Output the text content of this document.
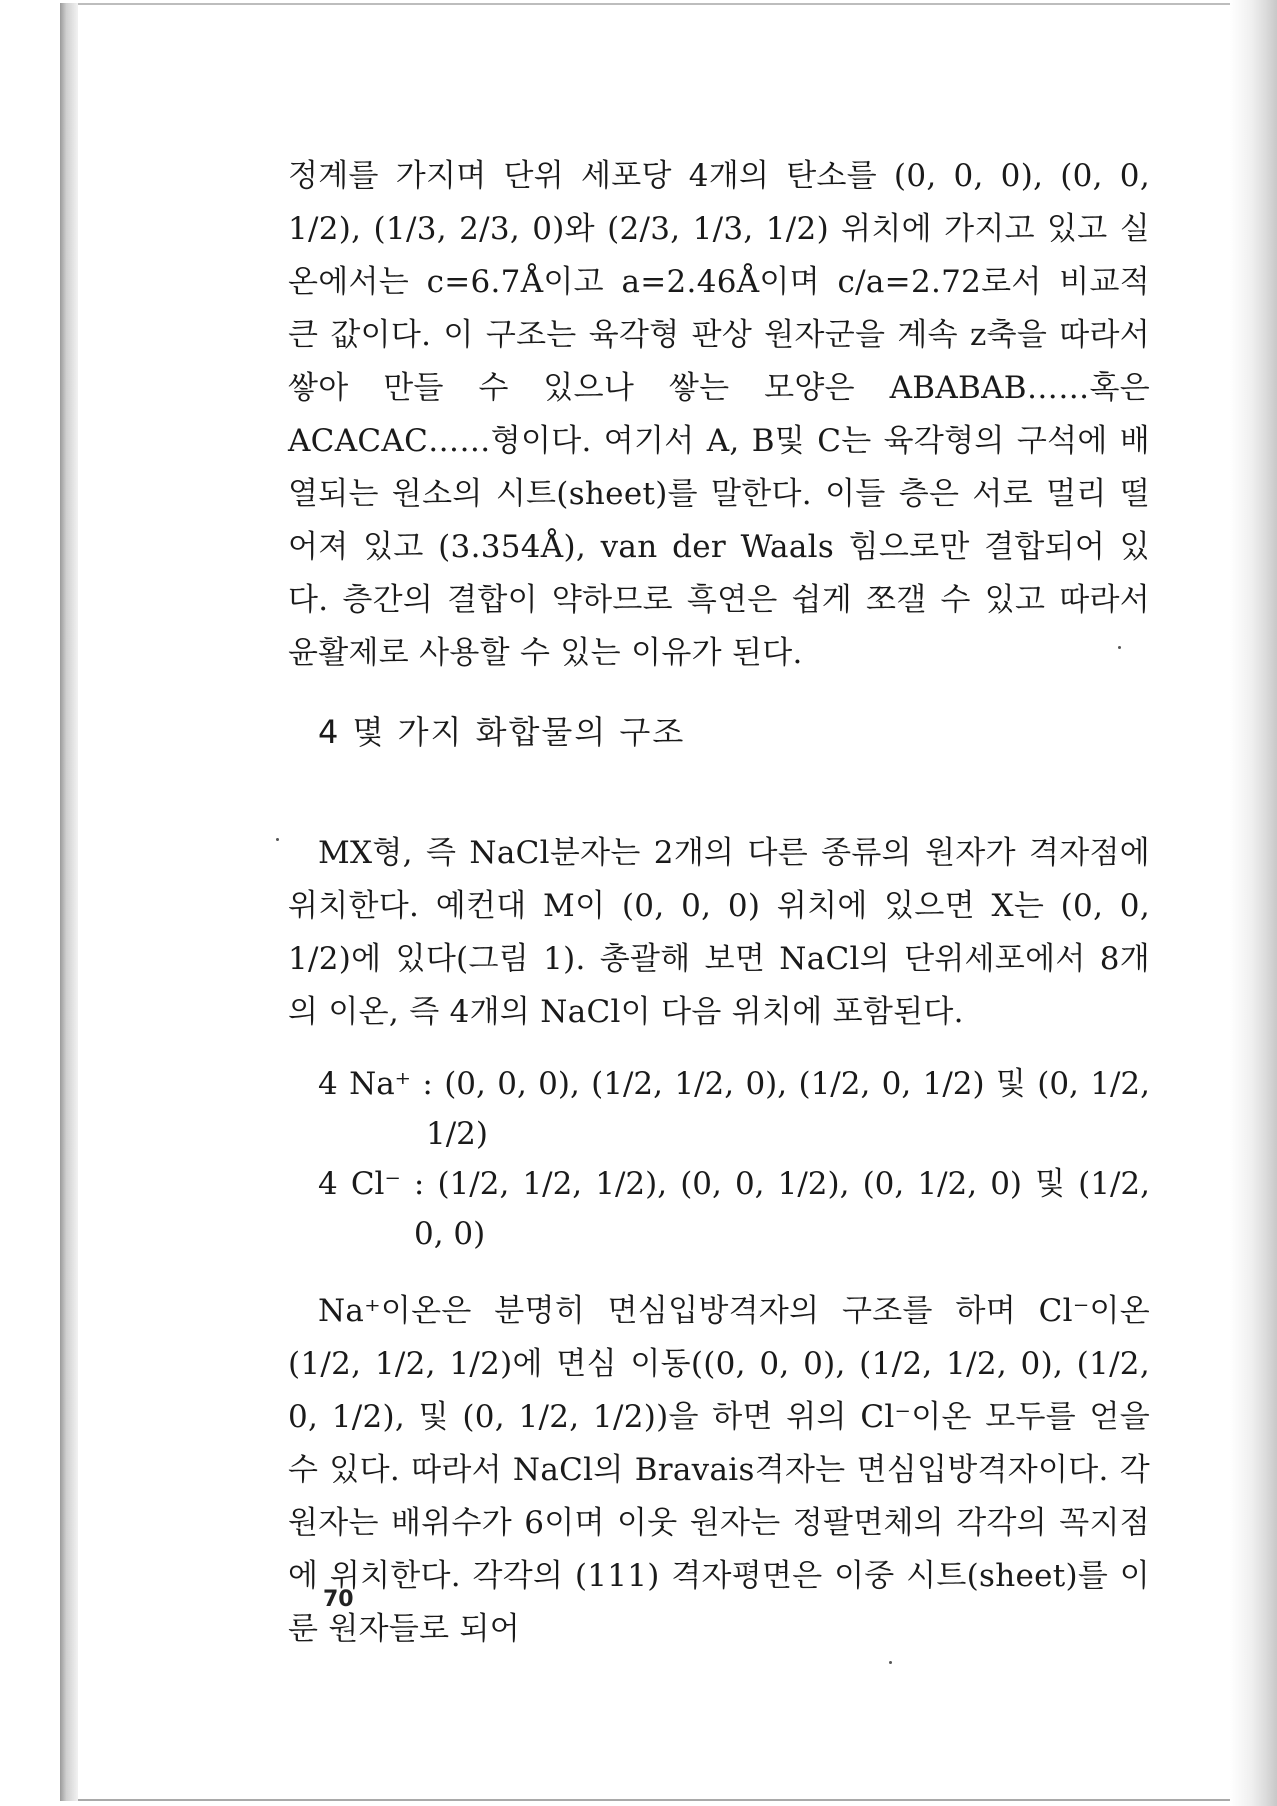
정계를 가지며 단위 세포당 4개의 탄소를 (0, 0, 0), (0, 0, 1/2), (1/3, 2/3, 0)와 (2/3, 1/3, 1/2) 위치에 가지고 있고 실온에서는 c=6.7Å이고 a=2.46Å이며 c/a=2.72로서 비교적 큰 값이다. 이 구조는 육각형 판상 원자군을 계속 z축을 따라서 쌓아 만들 수 있으나 쌓는 모양은 ABABAB……혹은 ACACAC……형이다. 여기서 A, B및 C는 육각형의 구석에 배열되는 원소의 시트(sheet)를 말한다. 이들 층은 서로 멀리 떨어져 있고 (3.354Å), van der Waals 힘으로만 결합되어 있다. 층간의 결합이 약하므로 흑연은 쉽게 쪼갤 수 있고 따라서 윤활제로 사용할 수 있는 이유가 된다.

4 몇 가지 화합물의 구조

MX형, 즉 NaCl분자는 2개의 다른 종류의 원자가 격자점에 위치한다. 예컨대 M이 (0, 0, 0) 위치에 있으면 X는 (0, 0, 1/2)에 있다(그림 1). 총괄해 보면 NaCl의 단위세포에서 8개의 이온, 즉 4개의 NaCl이 다음 위치에 포함된다.

4 Na⁺ : (0, 0, 0), (1/2, 1/2, 0), (1/2, 0, 1/2) 및 (0, 1/2,
1/2)
4 Cl⁻ : (1/2, 1/2, 1/2), (0, 0, 1/2), (0, 1/2, 0) 및 (1/2,
0, 0)

Na⁺이온은 분명히 면심입방격자의 구조를 하며 Cl⁻이온 (1/2, 1/2, 1/2)에 면심 이동((0, 0, 0), (1/2, 1/2, 0), (1/2, 0, 1/2), 및 (0, 1/2, 1/2))을 하면 위의 Cl⁻이온 모두를 얻을 수 있다. 따라서 NaCl의 Bravais격자는 면심입방격자이다. 각 원자는 배위수가 6이며 이웃 원자는 정팔면체의 각각의 꼭지점에 위치한다. 각각의 (111) 격자평면은 이중 시트(sheet)를 이룬 원자들로 되어

70
